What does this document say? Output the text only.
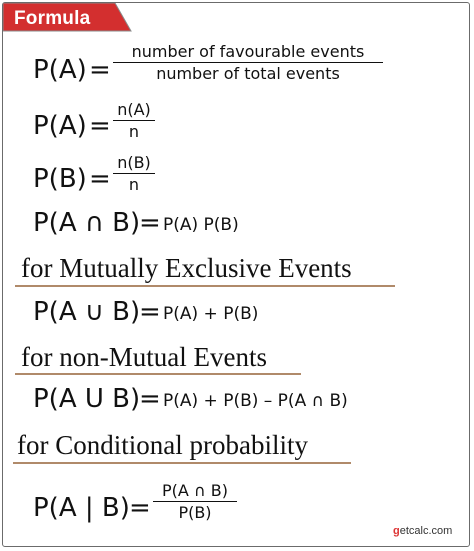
Formula
P(A) =
number of favourable events
number of total events
P(A) =
n(A)
n
P(B) =
n(B)
n
P(A ∩ B)
= P(A) P(B)
for Mutually Exclusive Events
P(A ∪ B)
= P(A) + P(B)
for non-Mutual Events
P(A U B)
= P(A) + P(B) – P(A ∩ B)
for Conditional probability
P(A | B) =
P(A ∩ B)
P(B)
getcalc.com
